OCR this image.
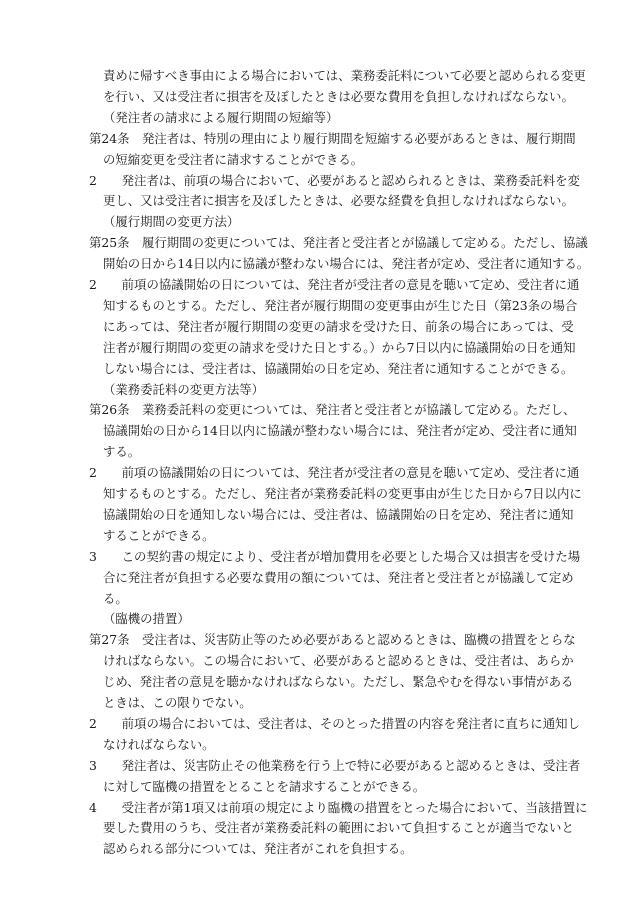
責めに帰すべき事由による場合においては、業務委託料について必要と認められる変更
を行い、又は受注者に損害を及ぼしたときは必要な費用を負担しなければならない。
（発注者の請求による履行期間の短縮等）
第24条　発注者は、特別の理由により履行期間を短縮する必要があるときは、履行期間
の短縮変更を受注者に請求することができる。
2　　発注者は、前項の場合において、必要があると認められるときは、業務委託料を変
更し、又は受注者に損害を及ぼしたときは、必要な経費を負担しなければならない。
（履行期間の変更方法）
第25条　履行期間の変更については、発注者と受注者とが協議して定める。ただし、協議
開始の日から14日以内に協議が整わない場合には、発注者が定め、受注者に通知する。
2　　前項の協議開始の日については、発注者が受注者の意見を聴いて定め、受注者に通
知するものとする。ただし、発注者が履行期間の変更事由が生じた日（第23条の場合
にあっては、発注者が履行期間の変更の請求を受けた日、前条の場合にあっては、受
注者が履行期間の変更の請求を受けた日とする。）から7日以内に協議開始の日を通知
しない場合には、受注者は、協議開始の日を定め、発注者に通知することができる。
（業務委託料の変更方法等）
第26条　業務委託料の変更については、発注者と受注者とが協議して定める。ただし、
協議開始の日から14日以内に協議が整わない場合には、発注者が定め、受注者に通知
する。
2　　前項の協議開始の日については、発注者が受注者の意見を聴いて定め、受注者に通
知するものとする。ただし、発注者が業務委託料の変更事由が生じた日から7日以内に
協議開始の日を通知しない場合には、受注者は、協議開始の日を定め、発注者に通知
することができる。
3　　この契約書の規定により、受注者が増加費用を必要とした場合又は損害を受けた場
合に発注者が負担する必要な費用の額については、発注者と受注者とが協議して定め
る。
（臨機の措置）
第27条　受注者は、災害防止等のため必要があると認めるときは、臨機の措置をとらな
ければならない。この場合において、必要があると認めるときは、受注者は、あらか
じめ、発注者の意見を聴かなければならない。ただし、緊急やむを得ない事情がある
ときは、この限りでない。
2　　前項の場合においては、受注者は、そのとった措置の内容を発注者に直ちに通知し
なければならない。
3　　発注者は、災害防止その他業務を行う上で特に必要があると認めるときは、受注者
に対して臨機の措置をとることを請求することができる。
4　　受注者が第1項又は前項の規定により臨機の措置をとった場合において、当該措置に
要した費用のうち、受注者が業務委託料の範囲において負担することが適当でないと
認められる部分については、発注者がこれを負担する。
